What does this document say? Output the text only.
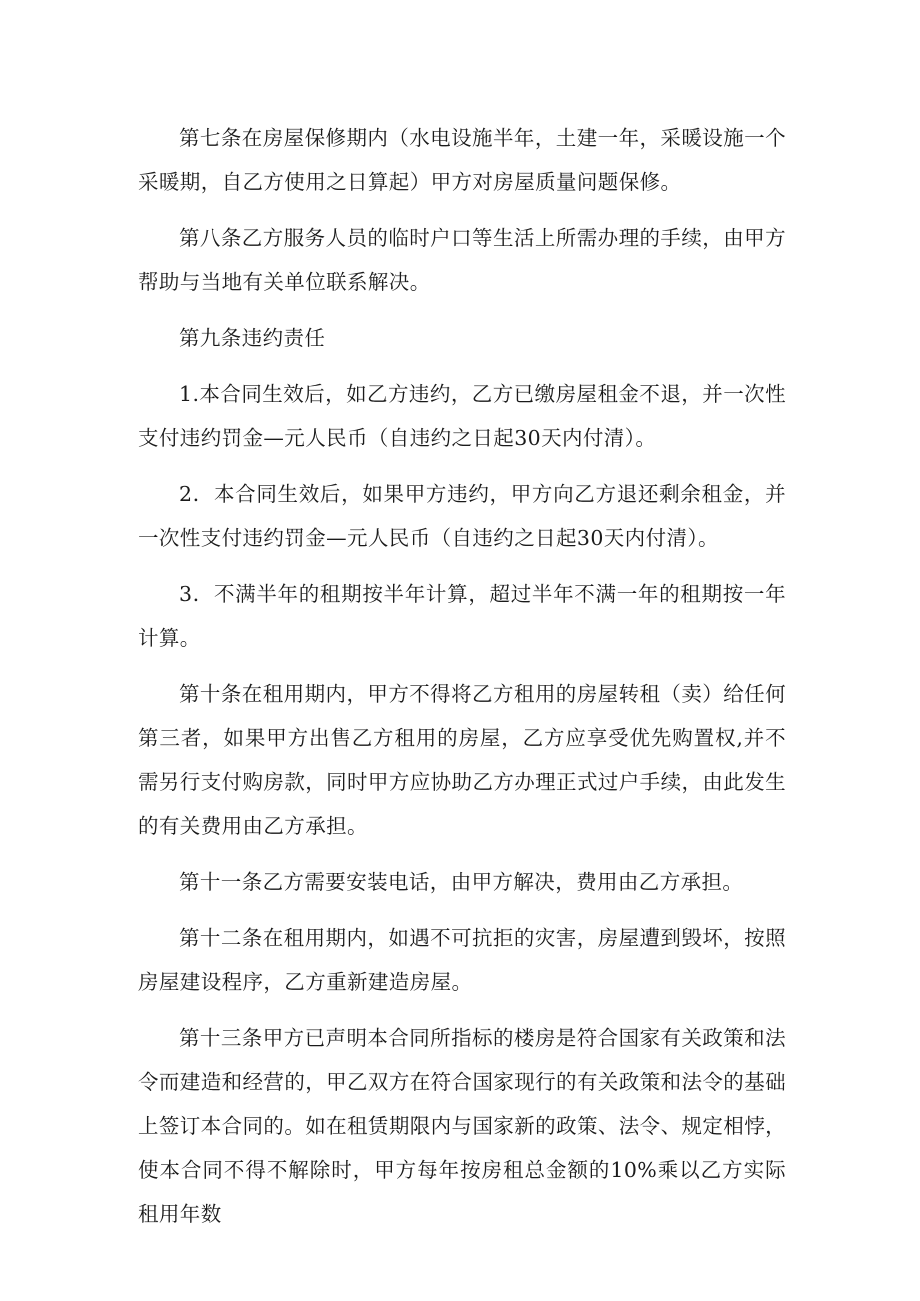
第七条在房屋保修期内（水电设施半年，土建一年，采暖设施一个采暖期，自乙方使用之日算起）甲方对房屋质量问题保修。

第八条乙方服务人员的临时户口等生活上所需办理的手续，由甲方帮助与当地有关单位联系解决。

第九条违约责任

1.本合同生效后，如乙方违约，乙方已缴房屋租金不退，并一次性支付违约罚金—元人民币（自违约之日起30天内付清）。

2．本合同生效后，如果甲方违约，甲方向乙方退还剩余租金，并一次性支付违约罚金—元人民币（自违约之日起30天内付清）。

3．不满半年的租期按半年计算，超过半年不满一年的租期按一年计算。

第十条在租用期内，甲方不得将乙方租用的房屋转租（卖）给任何第三者，如果甲方出售乙方租用的房屋，乙方应享受优先购置权,并不需另行支付购房款，同时甲方应协助乙方办理正式过户手续，由此发生的有关费用由乙方承担。

第十一条乙方需要安装电话，由甲方解决，费用由乙方承担。

第十二条在租用期内，如遇不可抗拒的灾害，房屋遭到毁坏，按照房屋建设程序，乙方重新建造房屋。

第十三条甲方已声明本合同所指标的楼房是符合国家有关政策和法令而建造和经营的，甲乙双方在符合国家现行的有关政策和法令的基础上签订本合同的。如在租赁期限内与国家新的政策、法令、规定相悖，使本合同不得不解除时，甲方每年按房租总金额的10%乘以乙方实际租用年数
